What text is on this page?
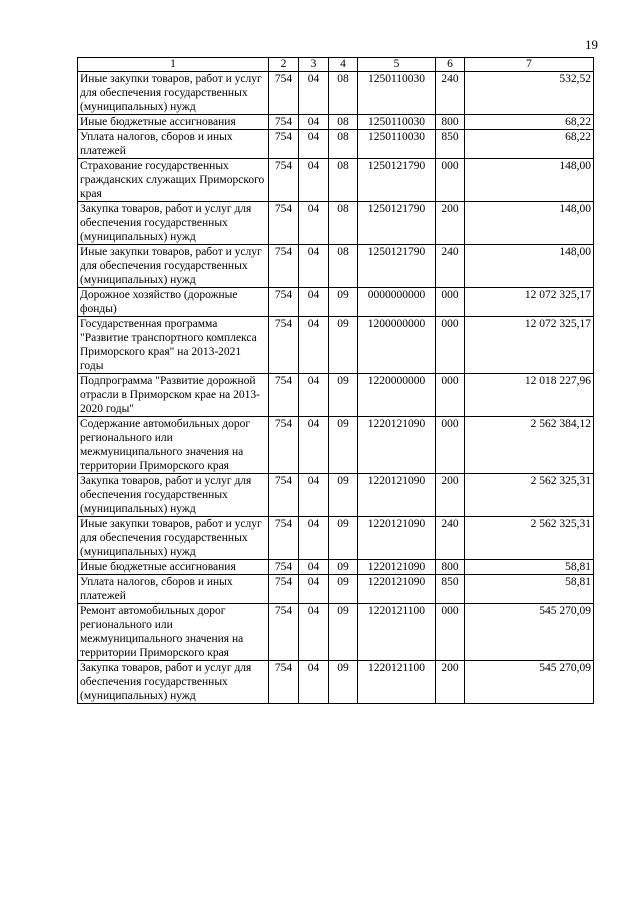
19
1	2	3	4	5	6	7
Иные закупки товаров, работ и услуг для обеспечения государственных (муниципальных) нужд	754	04	08	1250110030	240	532,52
Иные бюджетные ассигнования	754	04	08	1250110030	800	68,22
Уплата налогов, сборов и иных платежей	754	04	08	1250110030	850	68,22
Страхование государственных гражданских служащих Приморского края	754	04	08	1250121790	000	148,00
Закупка товаров, работ и услуг для обеспечения государственных (муниципальных) нужд	754	04	08	1250121790	200	148,00
Иные закупки товаров, работ и услуг для обеспечения государственных (муниципальных) нужд	754	04	08	1250121790	240	148,00
Дорожное хозяйство (дорожные фонды)	754	04	09	0000000000	000	12 072 325,17
Государственная программа "Развитие транспортного комплекса Приморского края" на 2013-2021 годы	754	04	09	1200000000	000	12 072 325,17
Подпрограмма "Развитие дорожной отрасли в Приморском крае на 2013-2020 годы"	754	04	09	1220000000	000	12 018 227,96
Содержание автомобильных дорог регионального или межмуниципального значения на территории Приморского края	754	04	09	1220121090	000	2 562 384,12
Закупка товаров, работ и услуг для обеспечения государственных (муниципальных) нужд	754	04	09	1220121090	200	2 562 325,31
Иные закупки товаров, работ и услуг для обеспечения государственных (муниципальных) нужд	754	04	09	1220121090	240	2 562 325,31
Иные бюджетные ассигнования	754	04	09	1220121090	800	58,81
Уплата налогов, сборов и иных платежей	754	04	09	1220121090	850	58,81
Ремонт автомобильных дорог регионального или межмуниципального значения на территории Приморского края	754	04	09	1220121100	000	545 270,09
Закупка товаров, работ и услуг для обеспечения государственных (муниципальных) нужд	754	04	09	1220121100	200	545 270,09
